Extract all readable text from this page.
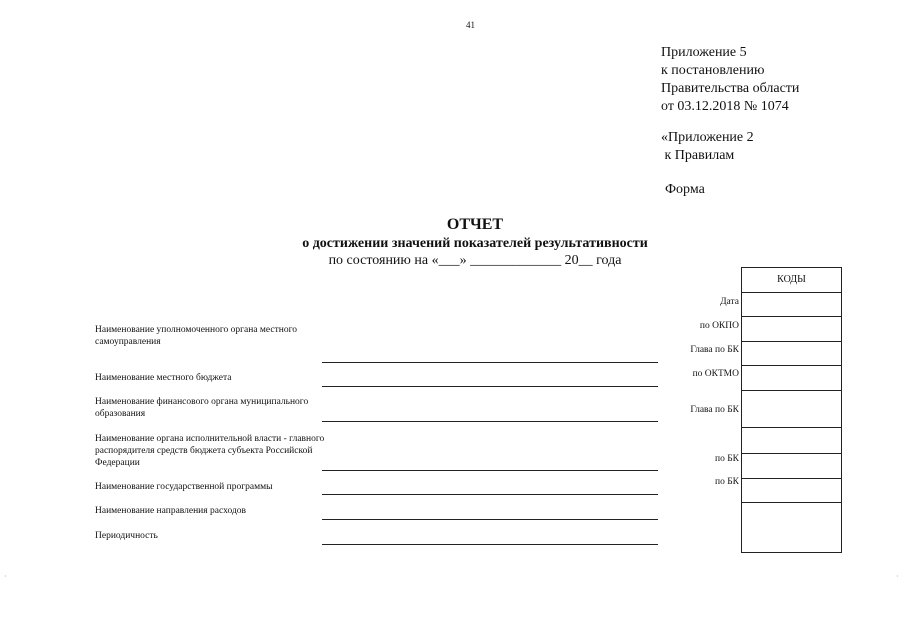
41
Приложение 5
к постановлению
Правительства области
от 03.12.2018 № 1074
«Приложение 2
к Правилам
Форма
ОТЧЕТ
о достижении значений показателей результативности
по состоянию на «___» _____________ 20__ года
Наименование уполномоченного органа местного самоуправления
Наименование местного бюджета
Наименование финансового органа муниципального образования
Наименование органа исполнительной власти - главного распорядителя средств бюджета субъекта Российской Федерации
Наименование государственной программы
Наименование направления расходов
Периодичность
Дата
по ОКПО
Глава по БК
по ОКТМО
Глава по БК
по БК
по БК
КОДЫ
·	·
